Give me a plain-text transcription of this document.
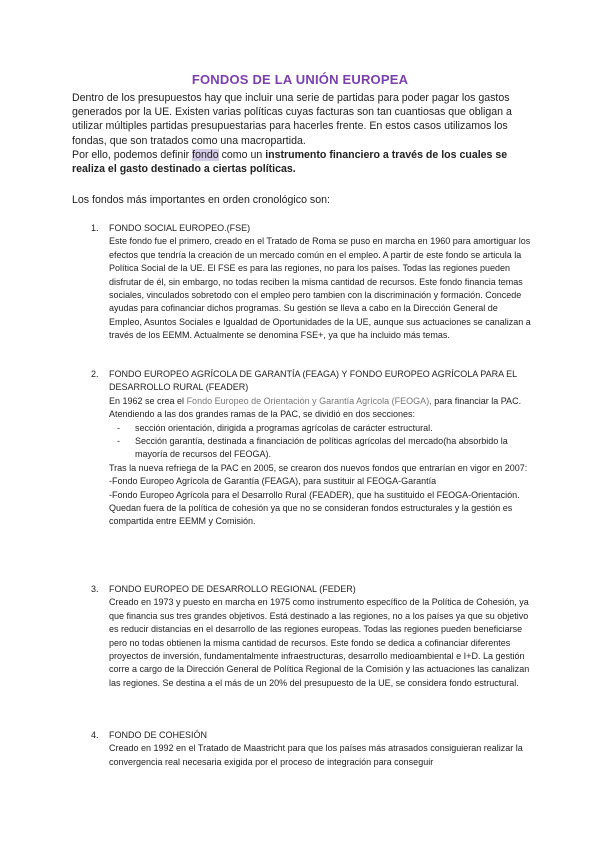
FONDOS DE LA UNIÓN EUROPEA

Dentro de los presupuestos hay que incluir una serie de partidas para poder pagar los gastos generados por la UE. Existen varias políticas cuyas facturas son tan cuantiosas que obligan a utilizar múltiples partidas presupuestarias para hacerles frente. En estos casos utilizamos los fondas, que son tratados como una macropartida.

Por ello, podemos definir fondo como un instrumento financiero a través de los cuales se realiza el gasto destinado a ciertas políticas.

Los fondos más importantes en orden cronológico son:
1.	FONDO SOCIAL EUROPEO.(FSE)
Este fondo fue el primero, creado en el Tratado de Roma se puso en marcha en 1960 para amortiguar los efectos que tendría la creación de un mercado común en el empleo. A partir de este fondo se articula la Política Social de la UE. El FSE es para las regiones, no para los países. Todas las regiones pueden disfrutar de él, sin embargo, no todas reciben la misma cantidad de recursos. Este fondo financia temas sociales, vinculados sobretodo con el empleo pero tambien con la discriminación y formación. Concede ayudas para cofinanciar dichos programas. Su gestión se lleva a cabo en la Dirección General de Empleo, Asuntos Sociales e Igualdad de Oportunidades de la UE, aunque sus actuaciones se canalizan a través de los EEMM. Actualmente se denomina FSE+, ya que ha incluido más temas.
2.	FONDO EUROPEO AGRÍCOLA DE GARANTÍA (FEAGA) Y FONDO EUROPEO AGRÍCOLA PARA EL DESARROLLO RURAL (FEADER)

En 1962 se crea el Fondo Europeo de Orientación y Garantía Agrícola (FEOGA), para financiar la PAC. Atendiendo a las dos grandes ramas de la PAC, se dividió en dos secciones:

- sección orientación, dirigida a programas agrícolas de carácter estructural.
- Sección garantía, destinada a financiación de políticas agrícolas del mercado(ha absorbido la mayoría de recursos del FEOGA).

Tras la nueva refriega de la PAC en 2005, se crearon dos nuevos fondos que entrarían en vigor en 2007:

-Fondo Europeo Agrícola de Garantía (FEAGA), para sustituir al FEOGA-Garantía

-Fondo Europeo Agrícola para el Desarrollo Rural (FEADER), que ha sustituido el FEOGA-Orientación.

Quedan fuera de la política de cohesión ya que no se consideran fondos estructurales y la gestión es compartida entre EEMM y Comisión.

3.	FONDO EUROPEO DE DESARROLLO REGIONAL (FEDER)
Creado en 1973 y puesto en marcha en 1975 como instrumento específico de la Política de Cohesión, ya que financia sus tres grandes objetivos. Está destinado a las regiones, no a los países ya que su objetivo es reducir distancias en el desarrollo de las regiones europeas. Todas las regiones pueden beneficiarse pero no todas obtienen la misma cantidad de recursos. Este fondo se dedica a cofinanciar diferentes proyectos de inversión, fundamentalmente infraestructuras, desarrollo medioambiental e I+D. La gestión corre a cargo de la Dirección General de Política Regional de la Comisión y las actuaciones las canalizan las regiones. Se destina a el más de un 20% del presupuesto de la UE, se considera fondo estructural.
4.	FONDO DE COHESIÓN
Creado en 1992 en el Tratado de Maastricht para que los países más atrasados consiguieran realizar la convergencia real necesaria exigida por el proceso de integración para conseguir
